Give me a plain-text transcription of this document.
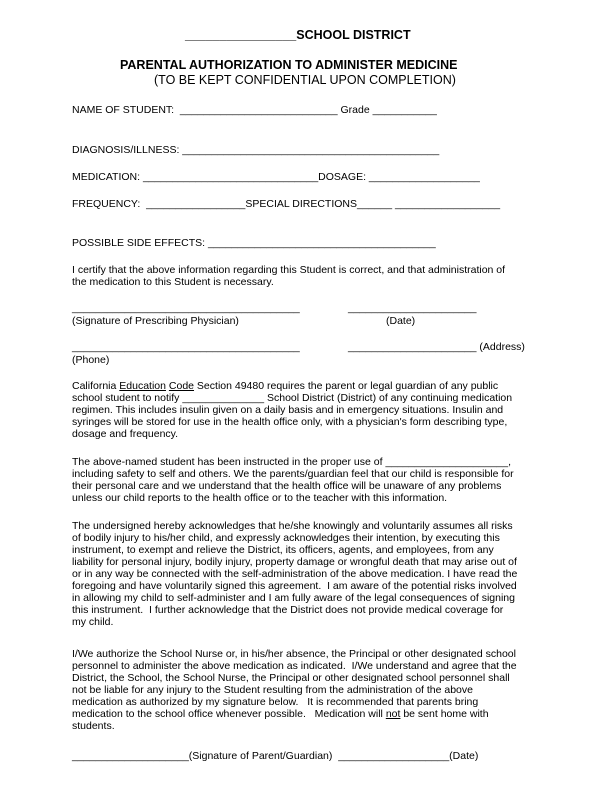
________________SCHOOL DISTRICT
PARENTAL AUTHORIZATION TO ADMINISTER MEDICINE
(TO BE KEPT CONFIDENTIAL UPON COMPLETION)
NAME OF STUDENT:  ___________________________ Grade ___________
DIAGNOSIS/ILLNESS: ____________________________________________
MEDICATION: ______________________________DOSAGE: ___________________
FREQUENCY:  _________________SPECIAL DIRECTIONS______ __________________
POSSIBLE SIDE EFFECTS: _______________________________________
I certify that the above information regarding this Student is correct, and that administration of
the medication to this Student is necessary.
_______________________________________	______________________
(Signature of Prescribing Physician)	(Date)
_______________________________________	______________________ (Address)
(Phone)
California Education Code Section 49480 requires the parent or legal guardian of any public
school student to notify ______________ School District (District) of any continuing medication
regimen. This includes insulin given on a daily basis and in emergency situations. Insulin and
syringes will be stored for use in the health office only, with a physician's form describing type,
dosage and frequency.
The above-named student has been instructed in the proper use of _____________________,
including safety to self and others. We the parents/guardian feel that our child is responsible for
their personal care and we understand that the health office will be unaware of any problems
unless our child reports to the health office or to the teacher with this information.
The undersigned hereby acknowledges that he/she knowingly and voluntarily assumes all risks
of bodily injury to his/her child, and expressly acknowledges their intention, by executing this
instrument, to exempt and relieve the District, its officers, agents, and employees, from any
liability for personal injury, bodily injury, property damage or wrongful death that may arise out of
or in any way be connected with the self-administration of the above medication. I have read the
foregoing and have voluntarily signed this agreement.  I am aware of the potential risks involved
in allowing my child to self-administer and I am fully aware of the legal consequences of signing
this instrument.  I further acknowledge that the District does not provide medical coverage for
my child.
I/We authorize the School Nurse or, in his/her absence, the Principal or other designated school
personnel to administer the above medication as indicated.  I/We understand and agree that the
District, the School, the School Nurse, the Principal or other designated school personnel shall
not be liable for any injury to the Student resulting from the administration of the above
medication as authorized by my signature below.   It is recommended that parents bring
medication to the school office whenever possible.   Medication will not be sent home with
students.
____________________(Signature of Parent/Guardian)  ___________________(Date)
